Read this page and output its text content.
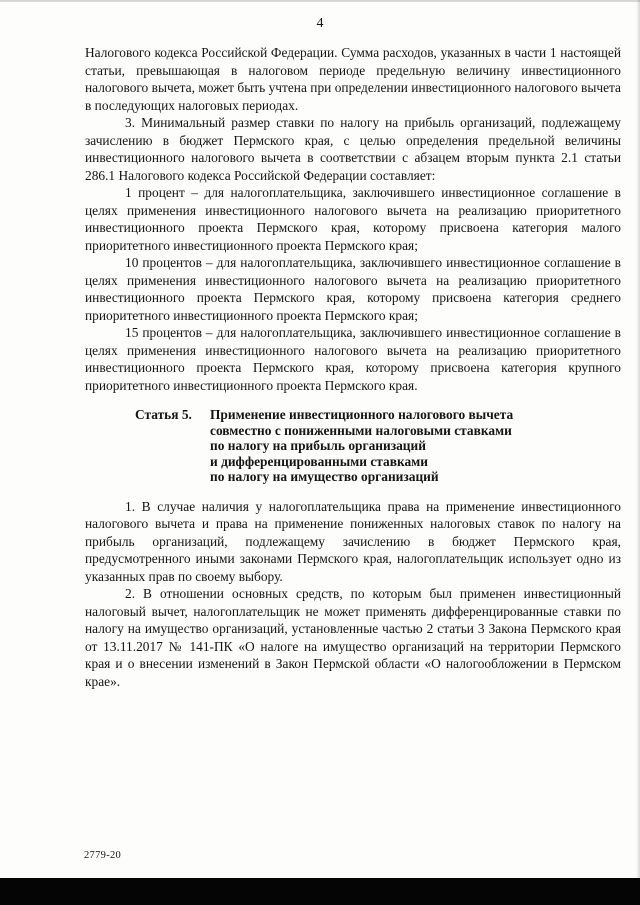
4

Налогового кодекса Российской Федерации. Сумма расходов, указанных в части 1 настоящей статьи, превышающая в налоговом периоде предельную величину инвестиционного налогового вычета, может быть учтена при определении инвестиционного налогового вычета в последующих налоговых периодах.

3. Минимальный размер ставки по налогу на прибыль организаций, подлежащему зачислению в бюджет Пермского края, с целью определения предельной величины инвестиционного налогового вычета в соответствии с абзацем вторым пункта 2.1 статьи 286.1 Налогового кодекса Российской Федерации составляет:

1 процент – для налогоплательщика, заключившего инвестиционное соглашение в целях применения инвестиционного налогового вычета на реализацию приоритетного инвестиционного проекта Пермского края, которому присвоена категория малого приоритетного инвестиционного проекта Пермского края;

10 процентов – для налогоплательщика, заключившего инвестиционное соглашение в целях применения инвестиционного налогового вычета на реализацию приоритетного инвестиционного проекта Пермского края, которому присвоена категория среднего приоритетного инвестиционного проекта Пермского края;

15 процентов – для налогоплательщика, заключившего инвестиционное соглашение в целях применения инвестиционного налогового вычета на реализацию приоритетного инвестиционного проекта Пермского края, которому присвоена категория крупного приоритетного инвестиционного проекта Пермского края.

Статья 5.	Применение инвестиционного налогового вычета
совместно с пониженными налоговыми ставками
по налогу на прибыль организаций
и дифференцированными ставками
по налогу на имущество организаций

1. В случае наличия у налогоплательщика права на применение инвестиционного налогового вычета и права на применение пониженных налоговых ставок по налогу на прибыль организаций, подлежащему зачислению в бюджет Пермского края, предусмотренного иными законами Пермского края, налогоплательщик использует одно из указанных прав по своему выбору.

2. В отношении основных средств, по которым был применен инвестиционный налоговый вычет, налогоплательщик не может применять дифференцированные ставки по налогу на имущество организаций, установленные частью 2 статьи 3 Закона Пермского края от 13.11.2017 № 141-ПК «О налоге на имущество организаций на территории Пермского края и о внесении изменений в Закон Пермской области «О налогообложении в Пермском крае».

2779-20
